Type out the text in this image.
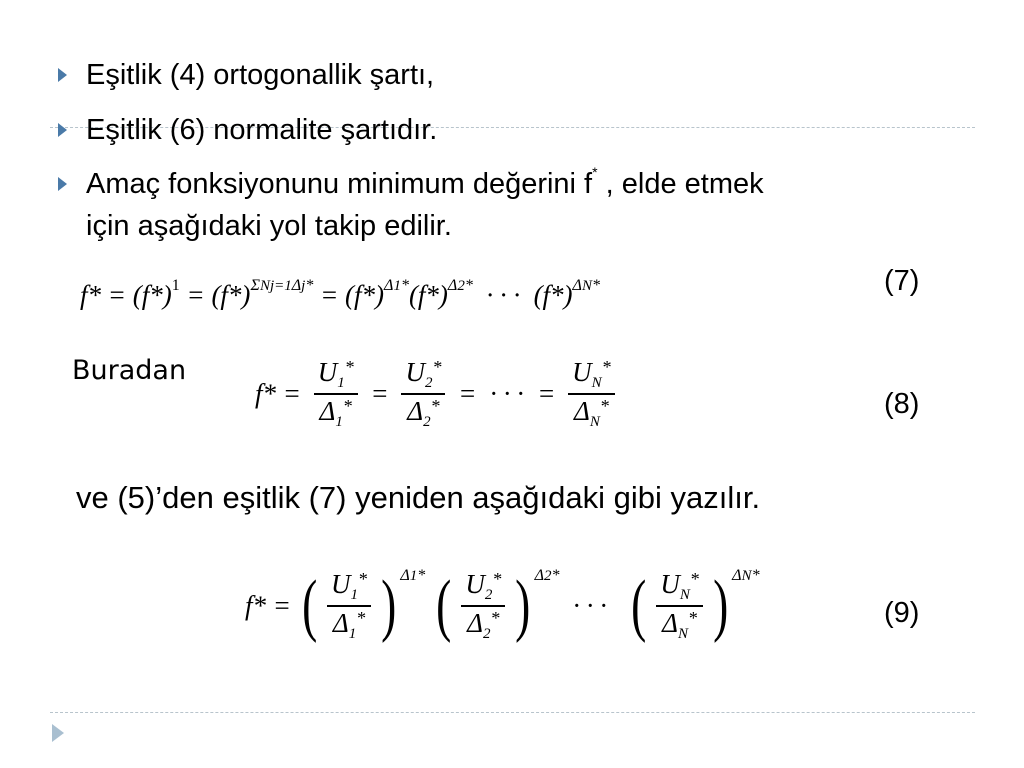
Eşitlik (4) ortogonallik şartı,
Eşitlik (6) normalite şartıdır.
Amaç fonksiyonunu minimum değerini f* , elde etmek
için aşağıdaki yol takip edilir.
$f* = (f*)^1 = (f*)^{\Sigma Nj=1\Delta j*} = (f*)^{\Delta 1*}(f*)^{\Delta 2*}$  · · ·  $(f*)^{\Delta N*}$	(7)
Buradan
$f* = \frac{U_1^*}{\Delta_1^*} = \frac{U_2^*}{\Delta_2^*}$ =  · · ·  = $\frac{U_N^*}{\Delta_N^*}$	(8)
ve (5)’den eşitlik (7) yeniden aşağıdaki gibi yazılır.
f* = ( $\frac{U_1^*}{\Delta_1^*}$ ) $^{\Delta 1*}$ ( $\frac{U_2^*}{\Delta_2^*}$ ) $^{\Delta 2*}$  · · ·   ( $\frac{U_N^*}{\Delta_N^*}$ ) $^{\Delta N*}$
(9)
